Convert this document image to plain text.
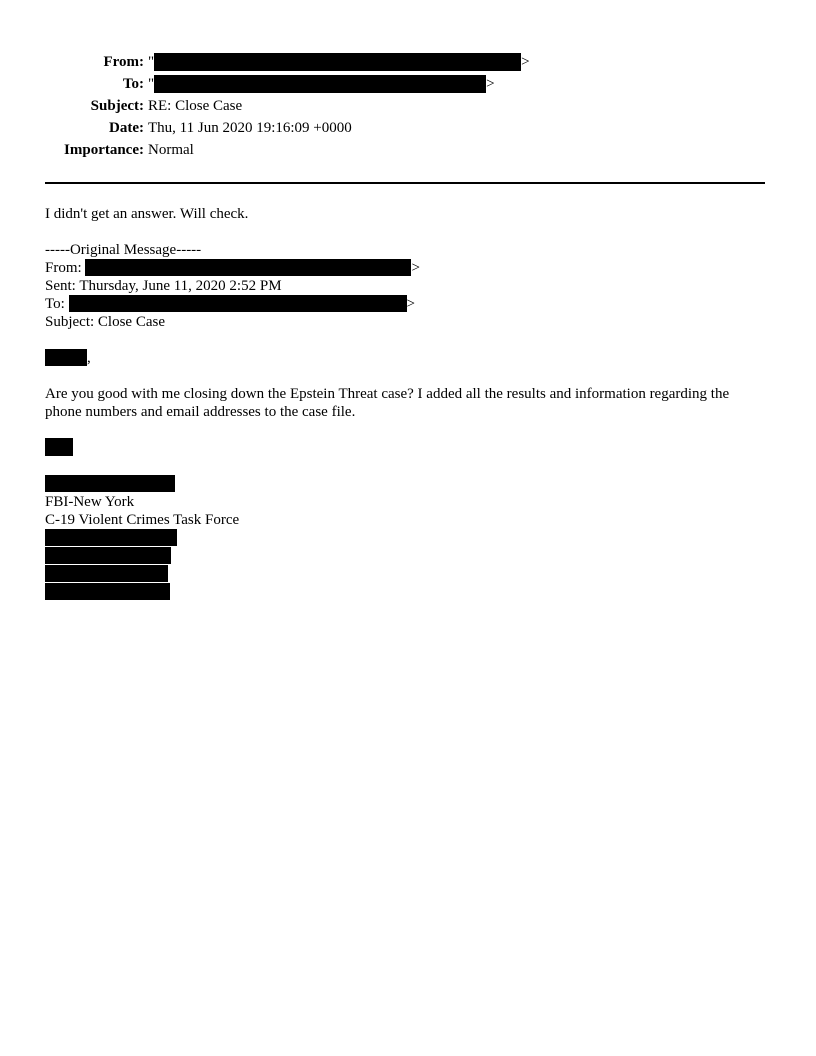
From: "	>
To: "	>
Subject: RE: Close Case
Date: Thu, 11 Jun 2020 19:16:09 +0000
Importance: Normal
I didn't get an answer. Will check.
-----Original Message-----
From:	>
Sent: Thursday, June 11, 2020 2:52 PM
To:	>
Subject: Close Case
,
Are you good with me closing down the Epstein Threat case? I added all the results and information regarding the phone numbers and email addresses to the case file.
FBI-New York
C-19 Violent Crimes Task Force
